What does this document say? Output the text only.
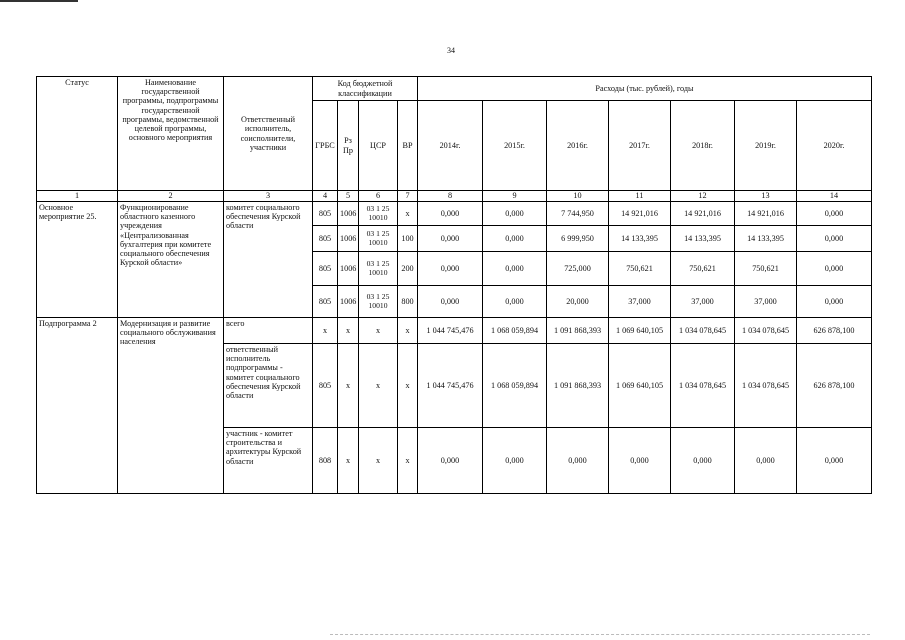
34
Статус	Наименование государственной программы, подпрограммы государственной программы, ведомственной целевой программы, основного мероприятия	Ответственный исполнитель, соисполнители, участники	Код бюджетной классификации				Расходы (тыс. рублей), годы						
			ГРБС	Рз Пр	ЦСР	ВР	2014г.	2015г.	2016г.	2017г.	2018г.	2019г.	2020г.
1	2	3	4	5	6	7	8	9	10	11	12	13	14
Основное мероприятие 25.	Функционирование областного казенного учреждения «Централизованная бухгалтерия при комитете социального обеспечения Курской области»	комитет социального обеспечения Курской области	805	1006	03 1 25 10010	х	0,000	0,000	7 744,950	14 921,016	14 921,016	14 921,016	0,000
			805	1006	03 1 25 10010	100	0,000	0,000	6 999,950	14 133,395	14 133,395	14 133,395	0,000
			805	1006	03 1 25 10010	200	0,000	0,000	725,000	750,621	750,621	750,621	0,000
			805	1006	03 1 25 10010	800	0,000	0,000	20,000	37,000	37,000	37,000	0,000
Подпрограмма 2	Модернизация и развитие социального обслуживания населения	всего	х	х	х	х	1 044 745,476	1 068 059,894	1 091 868,393	1 069 640,105	1 034 078,645	1 034 078,645	626 878,100
		ответственный исполнитель подпрограммы - комитет социального обеспечения Курской области	805	х	х	х	1 044 745,476	1 068 059,894	1 091 868,393	1 069 640,105	1 034 078,645	1 034 078,645	626 878,100
		участник - комитет строительства и архитектуры Курской области	808	х	х	х	0,000	0,000	0,000	0,000	0,000	0,000	0,000
